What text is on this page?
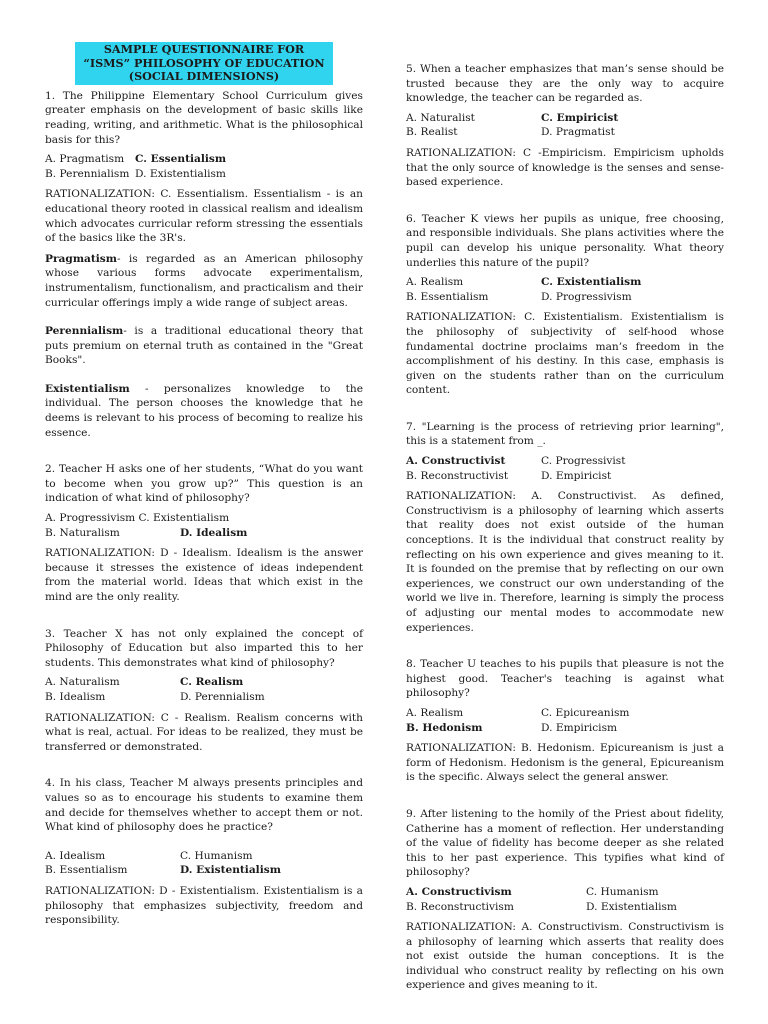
SAMPLE QUESTIONNAIRE FOR “ISMS” PHILOSOPHY OF EDUCATION (SOCIAL DIMENSIONS)

1. The Philippine Elementary School Curriculum gives greater emphasis on the development of basic skills like reading, writing, and arithmetic. What is the philosophical basis for this?

A. Pragmatism	C. Essentialism
B. Perennialism D. Existentialism

RATIONALIZATION: C. Essentialism. Essentialism - is an educational theory rooted in classical realism and idealism which advocates curricular reform stressing the essentials of the basics like the 3R's.

Pragmatism- is regarded as an American philosophy whose various forms advocate experimentalism, instrumentalism, functionalism, and practicalism and their curricular offerings imply a wide range of subject areas.

Perennialism- is a traditional educational theory that puts premium on eternal truth as contained in the "Great Books".

Existentialism - personalizes knowledge to the individual. The person chooses the knowledge that he deems is relevant to his process of becoming to realize his essence.

2. Teacher H asks one of her students, “What do you want to become when you grow up?” This question is an indication of what kind of philosophy?

A. Progressivism C. Existentialism
B. Naturalism	D. Idealism

RATIONALIZATION: D - Idealism. Idealism is the answer because it stresses the existence of ideas independent from the material world. Ideas that which exist in the mind are the only reality.

3. Teacher X has not only explained the concept of Philosophy of Education but also imparted this to her students. This demonstrates what kind of philosophy?

A. Naturalism	C. Realism
B. Idealism	D. Perennialism

RATIONALIZATION: C - Realism. Realism concerns with what is real, actual. For ideas to be realized, they must be transferred or demonstrated.

4. In his class, Teacher M always presents principles and values so as to encourage his students to examine them and decide for themselves whether to accept them or not. What kind of philosophy does he practice?

A. Idealism	C. Humanism
B. Essentialism	D. Existentialism

RATIONALIZATION: D - Existentialism. Existentialism is a philosophy that emphasizes subjectivity, freedom and responsibility.

5. When a teacher emphasizes that man’s sense should be trusted because they are the only way to acquire knowledge, the teacher can be regarded as.

A. Naturalist	C. Empiricist
B. Realist	D. Pragmatist

RATIONALIZATION: C -Empiricism. Empiricism upholds that the only source of knowledge is the senses and sense-based experience.

6. Teacher K views her pupils as unique, free choosing, and responsible individuals. She plans activities where the pupil can develop his unique personality. What theory underlies this nature of the pupil?

A. Realism	C. Existentialism
B. Essentialism	D. Progressivism

RATIONALIZATION: C. Existentialism. Existentialism is the philosophy of subjectivity of self-hood whose fundamental doctrine proclaims man’s freedom in the accomplishment of his destiny. In this case, emphasis is given on the students rather than on the curriculum content.

7. "Learning is the process of retrieving prior learning", this is a statement from _.

A. Constructivist	C. Progressivist
B. Reconstructivist	D. Empiricist

RATIONALIZATION: A. Constructivist. As defined, Constructivism is a philosophy of learning which asserts that reality does not exist outside of the human conceptions. It is the individual that construct reality by reflecting on his own experience and gives meaning to it. It is founded on the premise that by reflecting on our own experiences, we construct our own understanding of the world we live in. Therefore, learning is simply the process of adjusting our mental modes to accommodate new experiences.

8. Teacher U teaches to his pupils that pleasure is not the highest good. Teacher's teaching is against what philosophy?

A. Realism	C. Epicureanism
B. Hedonism	D. Empiricism

RATIONALIZATION: B. Hedonism. Epicureanism is just a form of Hedonism. Hedonism is the general, Epicureanism is the specific. Always select the general answer.

9. After listening to the homily of the Priest about fidelity, Catherine has a moment of reflection. Her understanding of the value of fidelity has become deeper as she related this to her past experience. This typifies what kind of philosophy?

A. Constructivism	C. Humanism
B. Reconstructivism	D. Existentialism

RATIONALIZATION: A. Constructivism. Constructivism is a philosophy of learning which asserts that reality does not exist outside the human conceptions. It is the individual who construct reality by reflecting on his own experience and gives meaning to it.
